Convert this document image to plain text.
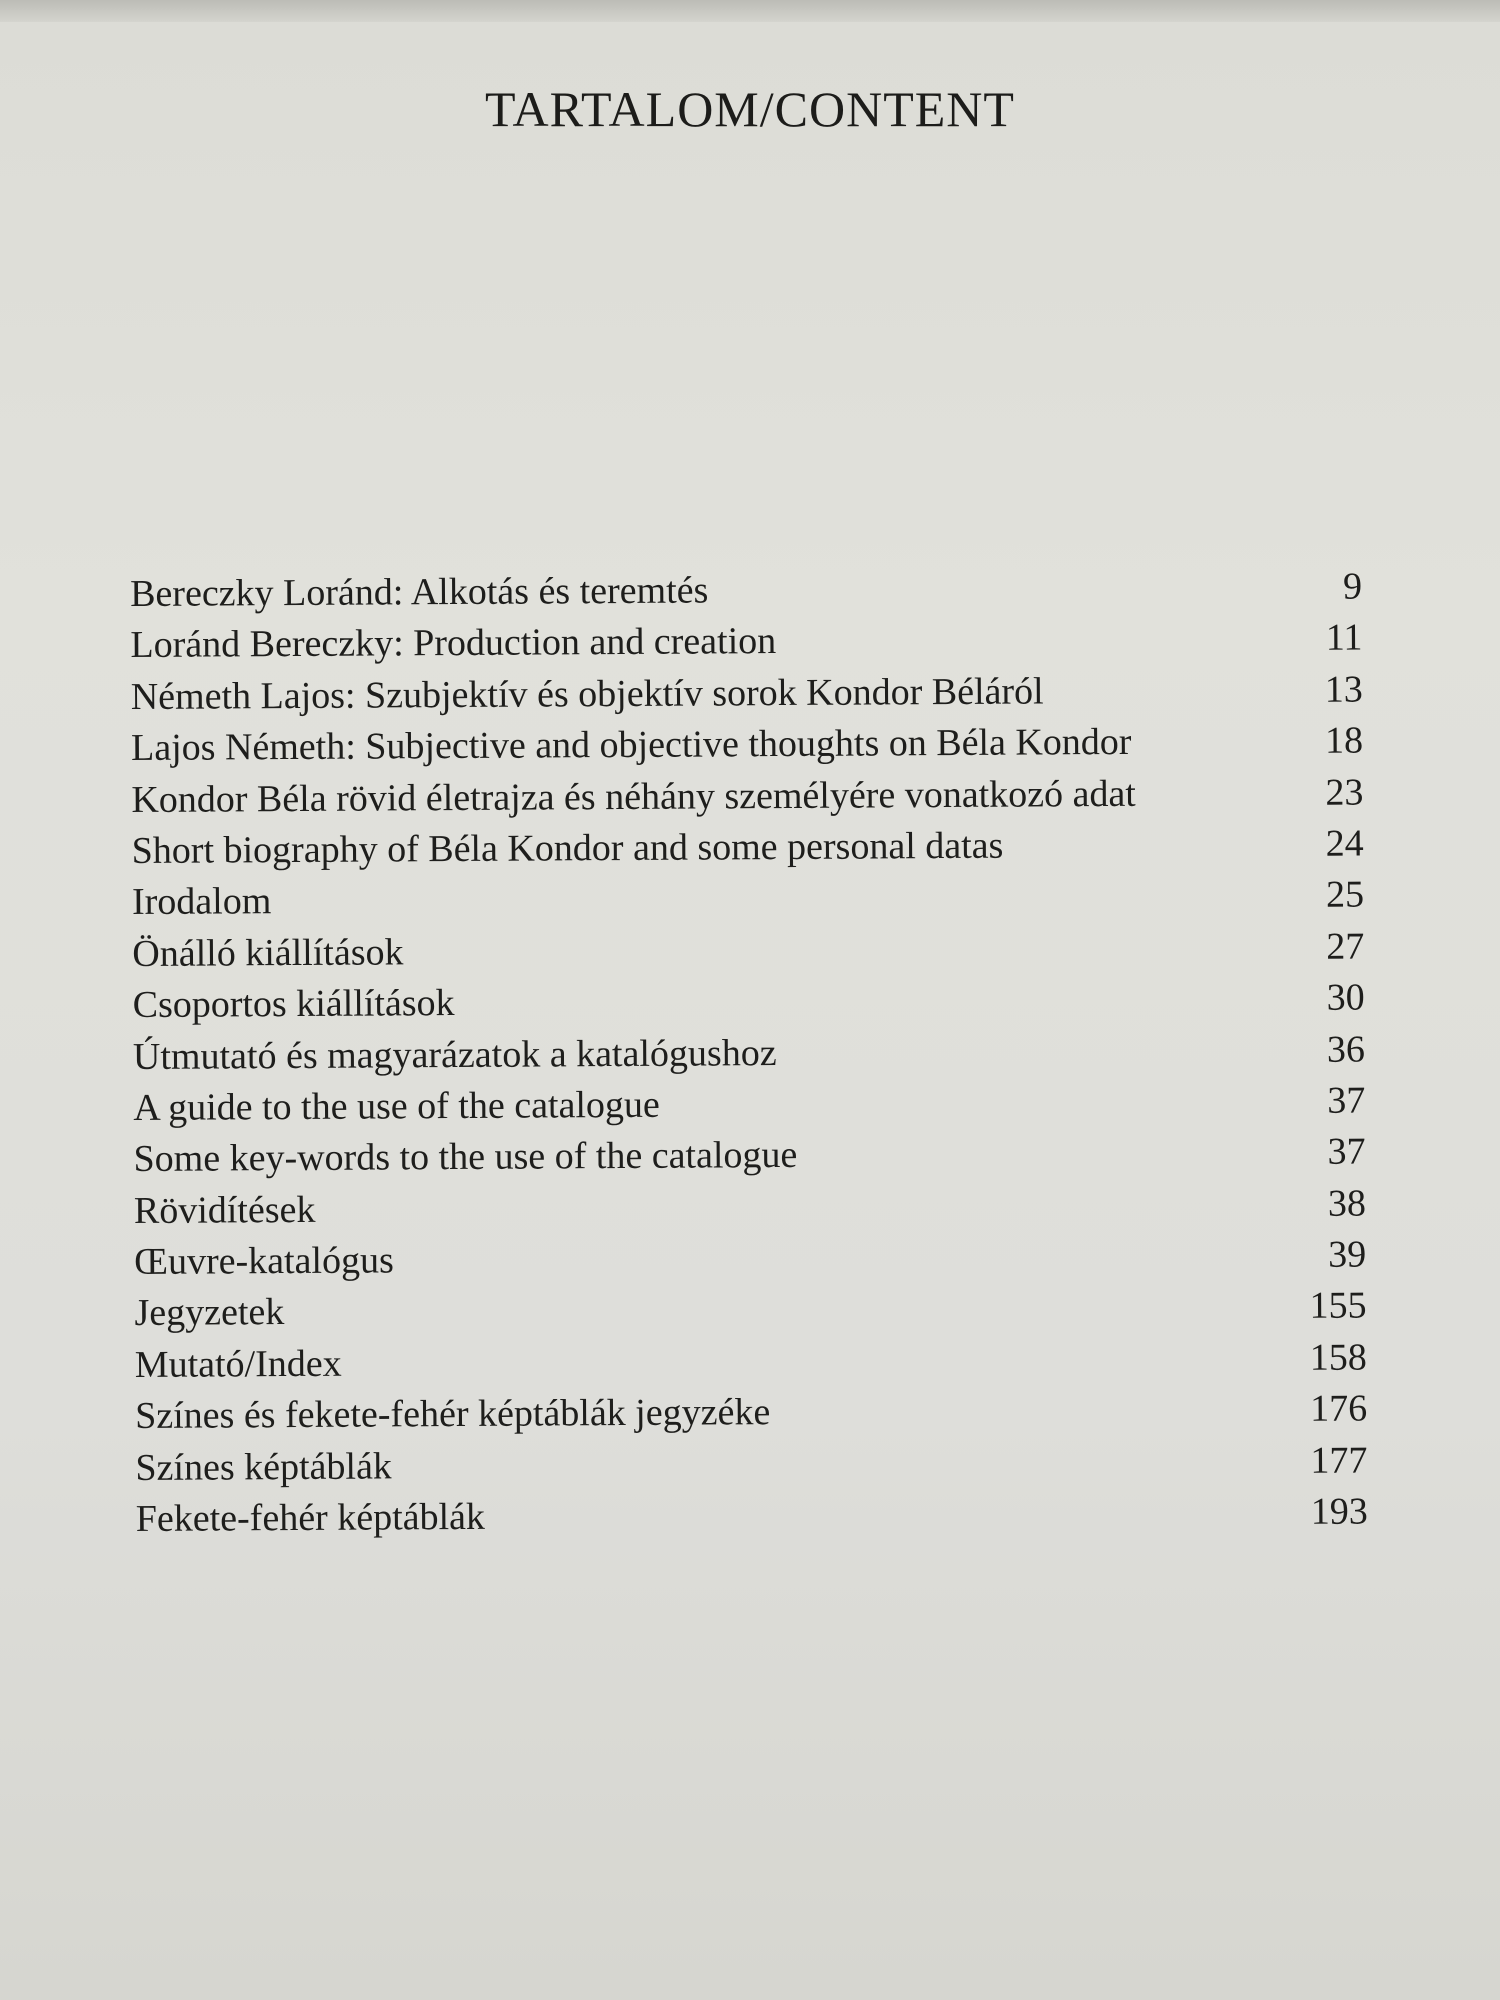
TARTALOM/CONTENT
Bereczky Loránd: Alkotás és teremtés	9
Loránd Bereczky: Production and creation	11
Németh Lajos: Szubjektív és objektív sorok Kondor Béláról	13
Lajos Németh: Subjective and objective thoughts on Béla Kondor	18
Kondor Béla rövid életrajza és néhány személyére vonatkozó adat	23
Short biography of Béla Kondor and some personal datas	24
Irodalom	25
Önálló kiállítások	27
Csoportos kiállítások	30
Útmutató és magyarázatok a katalógushoz	36
A guide to the use of the catalogue	37
Some key-words to the use of the catalogue	37
Rövidítések	38
Œuvre-katalógus	39
Jegyzetek	155
Mutató/Index	158
Színes és fekete-fehér képtáblák jegyzéke	176
Színes képtáblák	177
Fekete-fehér képtáblák	193
